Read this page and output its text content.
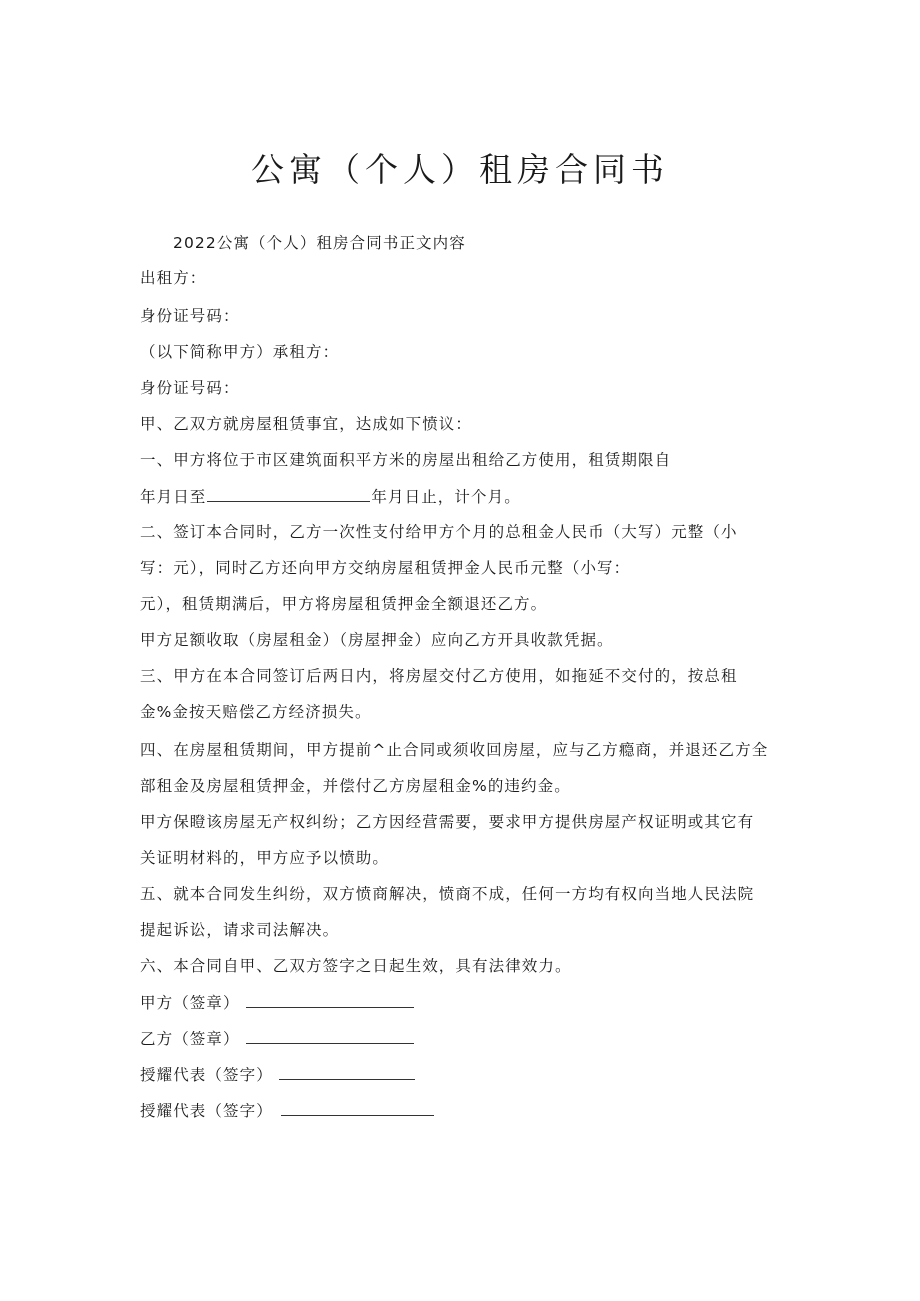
公寓（个人）租房合同书
2022公寓（个人）租房合同书正文内容
出租方：
身份证号码：
（以下简称甲方）承租方：
身份证号码：
甲、乙双方就房屋租赁事宜，达成如下愤议：
一、甲方将位于市区建筑面积平方米的房屋出租给乙方使用，租赁期限自
年月日至	年月日止，计个月。
二、签订本合同时，乙方一次性支付给甲方个月的总租金人民币（大写）元整（小
写：元），同时乙方还向甲方交纳房屋租赁押金人民币元整（小写：
元），租赁期满后，甲方将房屋租赁押金全额退还乙方。
甲方足额收取（房屋租金）（房屋押金）应向乙方开具收款凭据。
三、甲方在本合同签订后两日内，将房屋交付乙方使用，如拖延不交付的，按总租
金%金按天赔偿乙方经济损失。
四、在房屋租赁期间，甲方提前^止合同或须收回房屋，应与乙方瘾商，并退还乙方全
部租金及房屋租赁押金，并偿付乙方房屋租金%的违约金。
甲方保瞪该房屋无产权纠纷；乙方因经营需要，要求甲方提供房屋产权证明或其它有
关证明材料的，甲方应予以愤助。
五、就本合同发生纠纷，双方愤商解决，愤商不成，任何一方均有权向当地人民法院
提起诉讼，请求司法解决。
六、本合同自甲、乙双方签字之日起生效，具有法律效力。
甲方（签章）
乙方（签章）
授耀代表（签字）
授耀代表（签字）
